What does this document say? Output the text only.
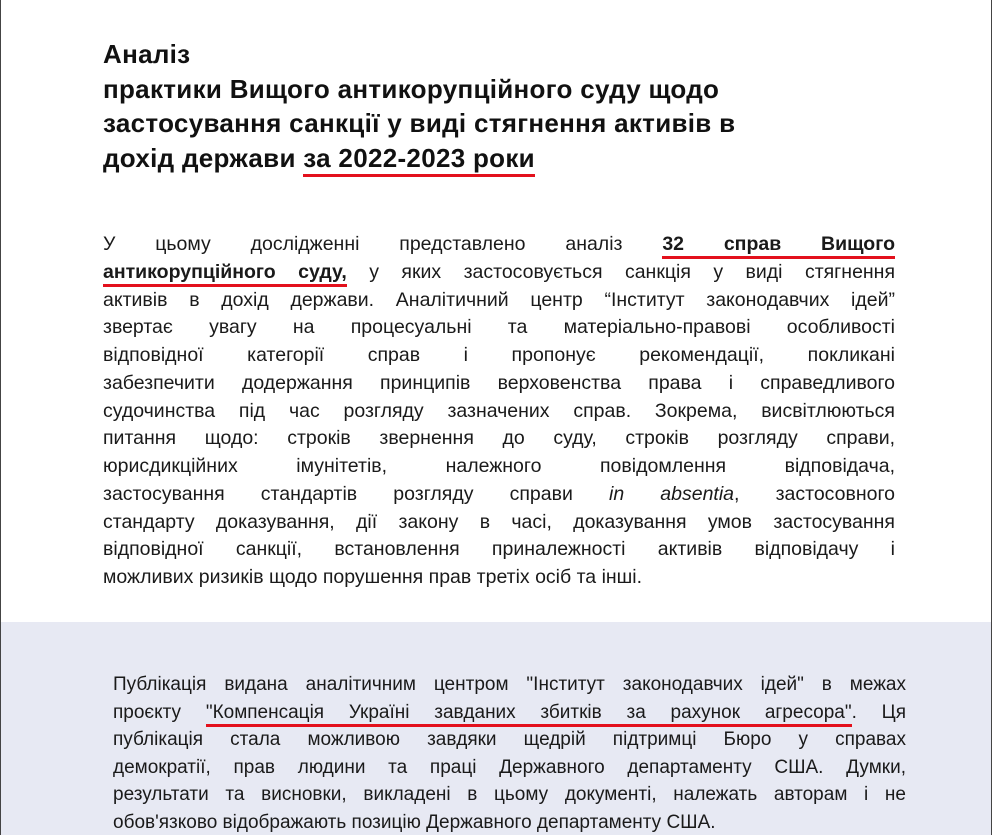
Аналіз
практики Вищого антикорупційного суду щодо
застосування санкції у виді стягнення активів в
дохід держави за 2022-2023 роки
У цьому дослідженні представлено аналіз 32 справ Вищого
антикорупційного суду, у яких застосовується санкція у виді стягнення
активів в дохід держави. Аналітичний центр “Інститут законодавчих ідей”
звертає увагу на процесуальні та матеріально-правові особливості
відповідної категорії справ і пропонує рекомендації, покликані
забезпечити додержання принципів верховенства права і справедливого
судочинства під час розгляду зазначених справ. Зокрема, висвітлюються
питання щодо: строків звернення до суду, строків розгляду справи,
юрисдикційних імунітетів, належного повідомлення відповідача,
застосування стандартів розгляду справи in absentia, застосовного
стандарту доказування, дії закону в часі, доказування умов застосування
відповідної санкції, встановлення приналежності активів відповідачу і
можливих ризиків щодо порушення прав третіх осіб та інші.
Публікація видана аналітичним центром "Інститут законодавчих ідей" в межах
проєкту "Компенсація Україні завданих збитків за рахунок агресора". Ця
публікація стала можливою завдяки щедрій підтримці Бюро у справах
демократії, прав людини та праці Державного департаменту США. Думки,
результати та висновки, викладені в цьому документі, належать авторам і не
обов'язково відображають позицію Державного департаменту США.
